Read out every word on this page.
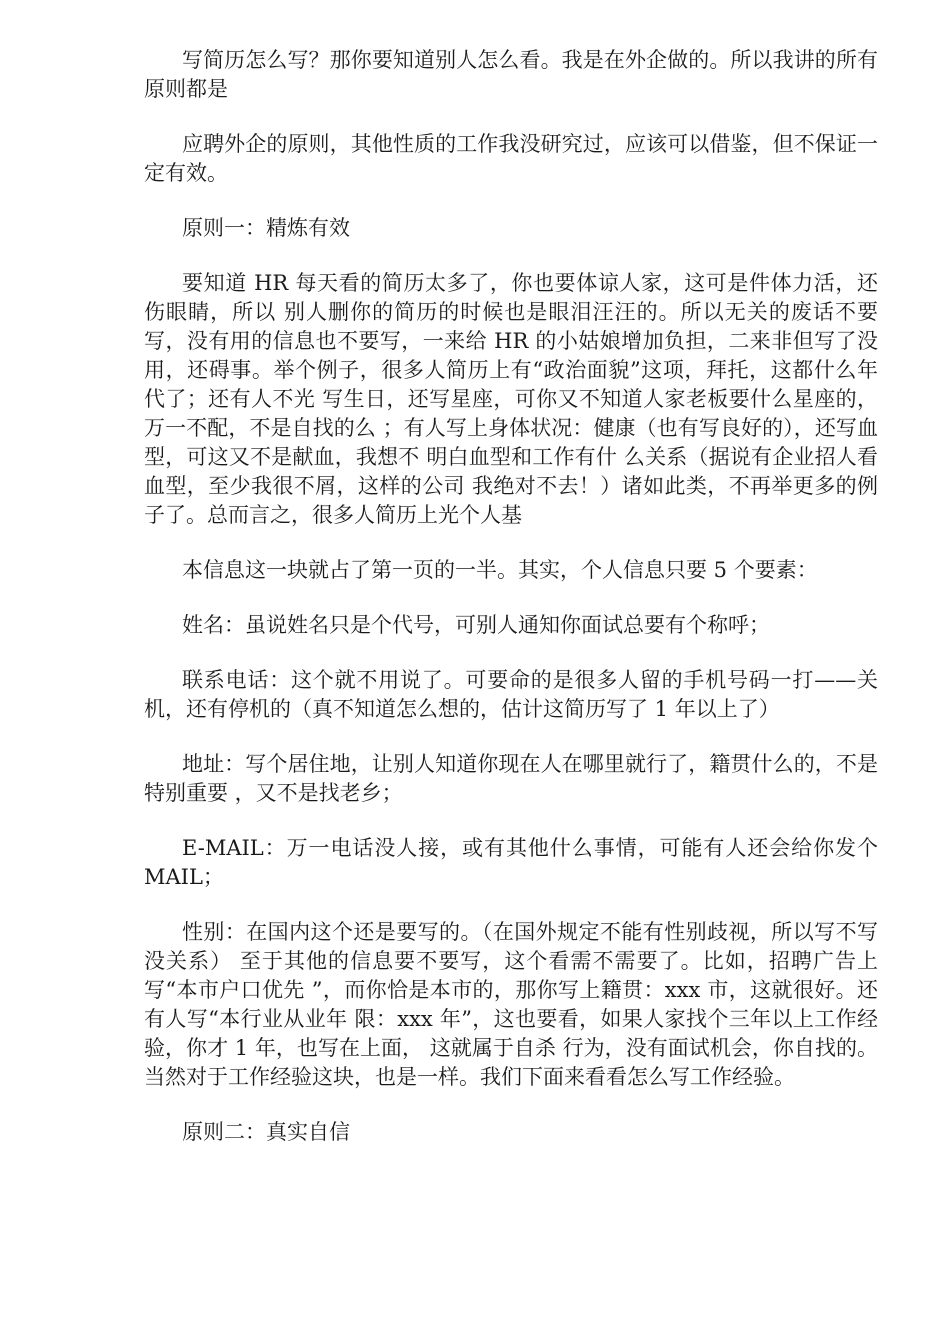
写简历怎么写？那你要知道别人怎么看。我是在外企做的。所以我讲的所有原则都是

应聘外企的原则，其他性质的工作我没研究过，应该可以借鉴，但不保证一定有效。

原则一：精炼有效

要知道 HR 每天看的简历太多了，你也要体谅人家，这可是件体力活，还伤眼睛，所以 别人删你的简历的时候也是眼泪汪汪的。所以无关的废话不要写，没有用的信息也不要写，一来给 HR 的小姑娘增加负担，二来非但写了没用，还碍事。举个例子，很多人简历上有“政治面貌”这项，拜托，这都什么年代了；还有人不光 写生日，还写星座，可你又不知道人家老板要什么星座的，万一不配，不是自找的么 ；有人写上身体状况：健康（也有写良好的），还写血型，可这又不是献血，我想不 明白血型和工作有什 么关系（据说有企业招人看血型，至少我很不屑，这样的公司 我绝对不去！）诸如此类，不再举更多的例子了。总而言之，很多人简历上光个人基

本信息这一块就占了第一页的一半。其实，个人信息只要 5 个要素：

姓名：虽说姓名只是个代号，可别人通知你面试总要有个称呼；

联系电话：这个就不用说了。可要命的是很多人留的手机号码一打——关机，还有停机的（真不知道怎么想的，估计这简历写了 1 年以上了）

地址：写个居住地，让别人知道你现在人在哪里就行了，籍贯什么的，不是特别重要 ，又不是找老乡；

E-MAIL：万一电话没人接，或有其他什么事情，可能有人还会给你发个 MAIL；

性别：在国内这个还是要写的。（在国外规定不能有性别歧视，所以写不写没关系） 至于其他的信息要不要写，这个看需不需要了。比如，招聘广告上写“本市户口优先 ”，而你恰是本市的，那你写上籍贯：xxx 市，这就很好。还有人写“本行业从业年 限：xxx 年”，这也要看，如果人家找个三年以上工作经验，你才 1 年，也写在上面， 这就属于自杀 行为，没有面试机会，你自找的。 当然对于工作经验这块，也是一样。我们下面来看看怎么写工作经验。

原则二：真实自信
